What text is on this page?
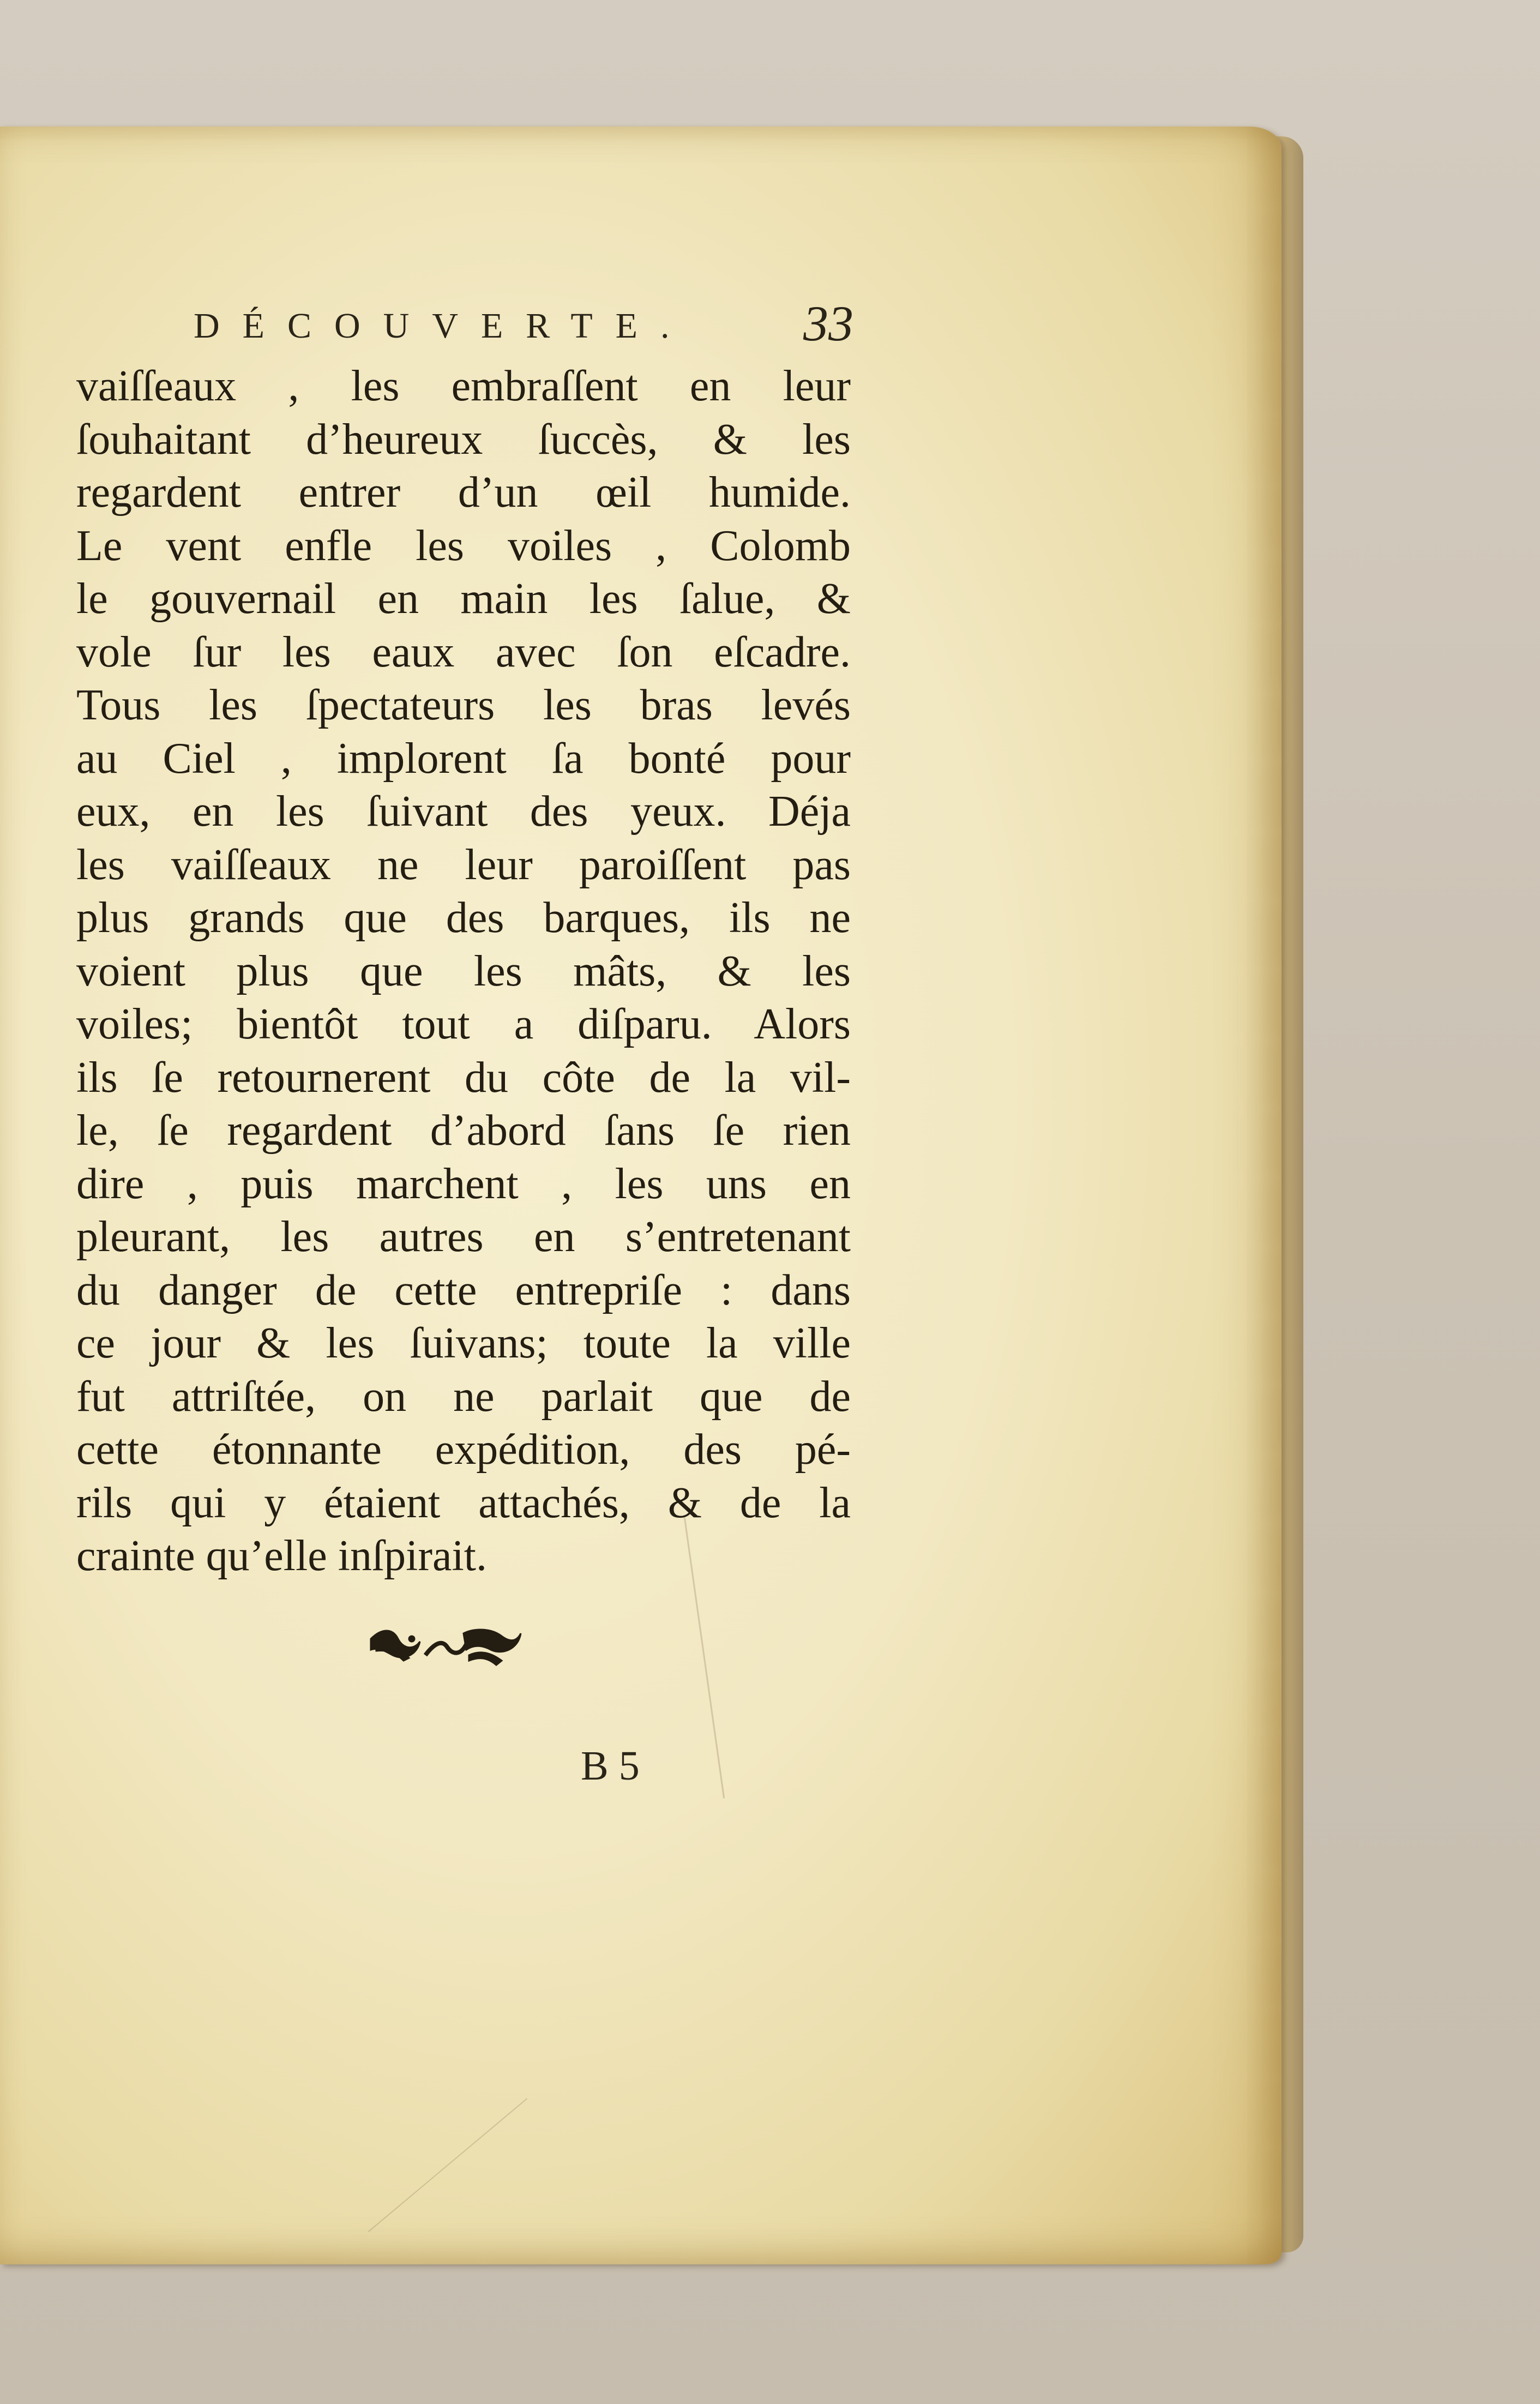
DÉCOUVERTE. 33
vaiſſeaux , les embraſſent en leur
ſouhaitant d’heureux ſuccès, & les
regardent entrer d’un œil humide.
Le vent enfle les voiles , Colomb
le gouvernail en main les ſalue, &
vole ſur les eaux avec ſon eſcadre.
Tous les ſpectateurs les bras levés
au Ciel , implorent ſa bonté pour
eux, en les ſuivant des yeux. Déja
les vaiſſeaux ne leur paroiſſent pas
plus grands que des barques, ils ne
voient plus que les mâts, & les
voiles; bientôt tout a diſparu. Alors
ils ſe retournerent du côte de la vil-
le, ſe regardent d’abord ſans ſe rien
dire , puis marchent , les uns en
pleurant, les autres en s’entretenant
du danger de cette entrepriſe : dans
ce jour & les ſuivans; toute la ville
fut attriſtée, on ne parlait que de
cette étonnante expédition, des pé-
rils qui y étaient attachés, & de la
crainte qu’elle inſpirait.
B 5
